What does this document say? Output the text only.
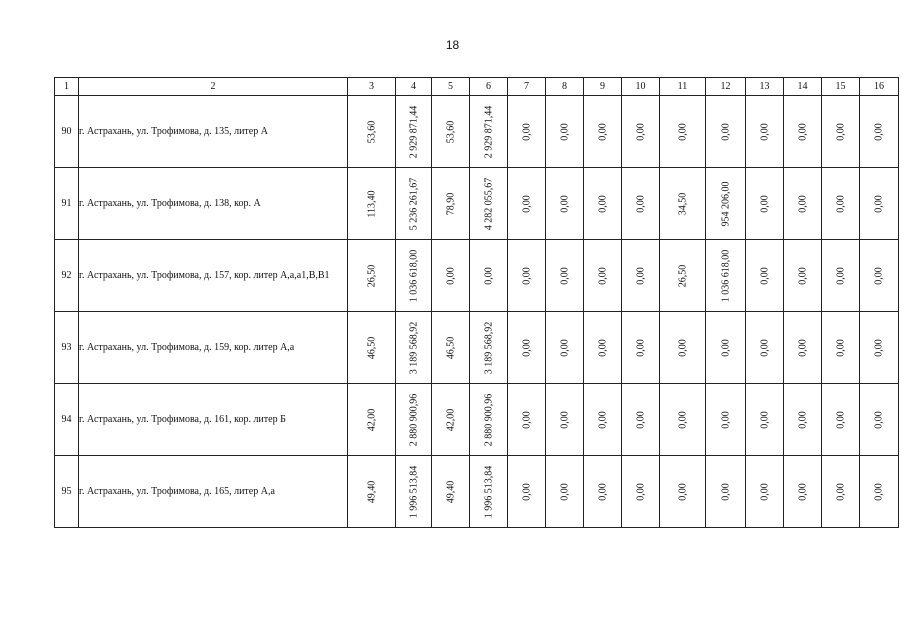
18
1	2	3	4	5	6	7	8	9	10	11	12	13	14	15	16
90	г. Астрахань, ул. Трофимова, д. 135, литер А	53,60	2 929 871,44	53,60	2 929 871,44	0,00	0,00	0,00	0,00	0,00	0,00	0,00	0,00	0,00	0,00

91	г. Астрахань, ул. Трофимова, д. 138, кор. А	113,40	5 236 261,67	78,90	4 282 055,67	0,00	0,00	0,00	0,00	34,50	954 206,00	0,00	0,00	0,00	0,00

92	г. Астрахань, ул. Трофимова, д. 157, кор. литер А,а,а1,В,В1	26,50	1 036 618,00	0,00	0,00	0,00	0,00	0,00	0,00	26,50	1 036 618,00	0,00	0,00	0,00	0,00

93	г. Астрахань, ул. Трофимова, д. 159, кор. литер А,а	46,50	3 189 568,92	46,50	3 189 568,92	0,00	0,00	0,00	0,00	0,00	0,00	0,00	0,00	0,00	0,00

94	г. Астрахань, ул. Трофимова, д. 161, кор. литер Б	42,00	2 880 900,96	42,00	2 880 900,96	0,00	0,00	0,00	0,00	0,00	0,00	0,00	0,00	0,00	0,00

95	г. Астрахань, ул. Трофимова, д. 165, литер А,а	49,40	1 996 513,84	49,40	1 996 513,84	0,00	0,00	0,00	0,00	0,00	0,00	0,00	0,00	0,00	0,00
